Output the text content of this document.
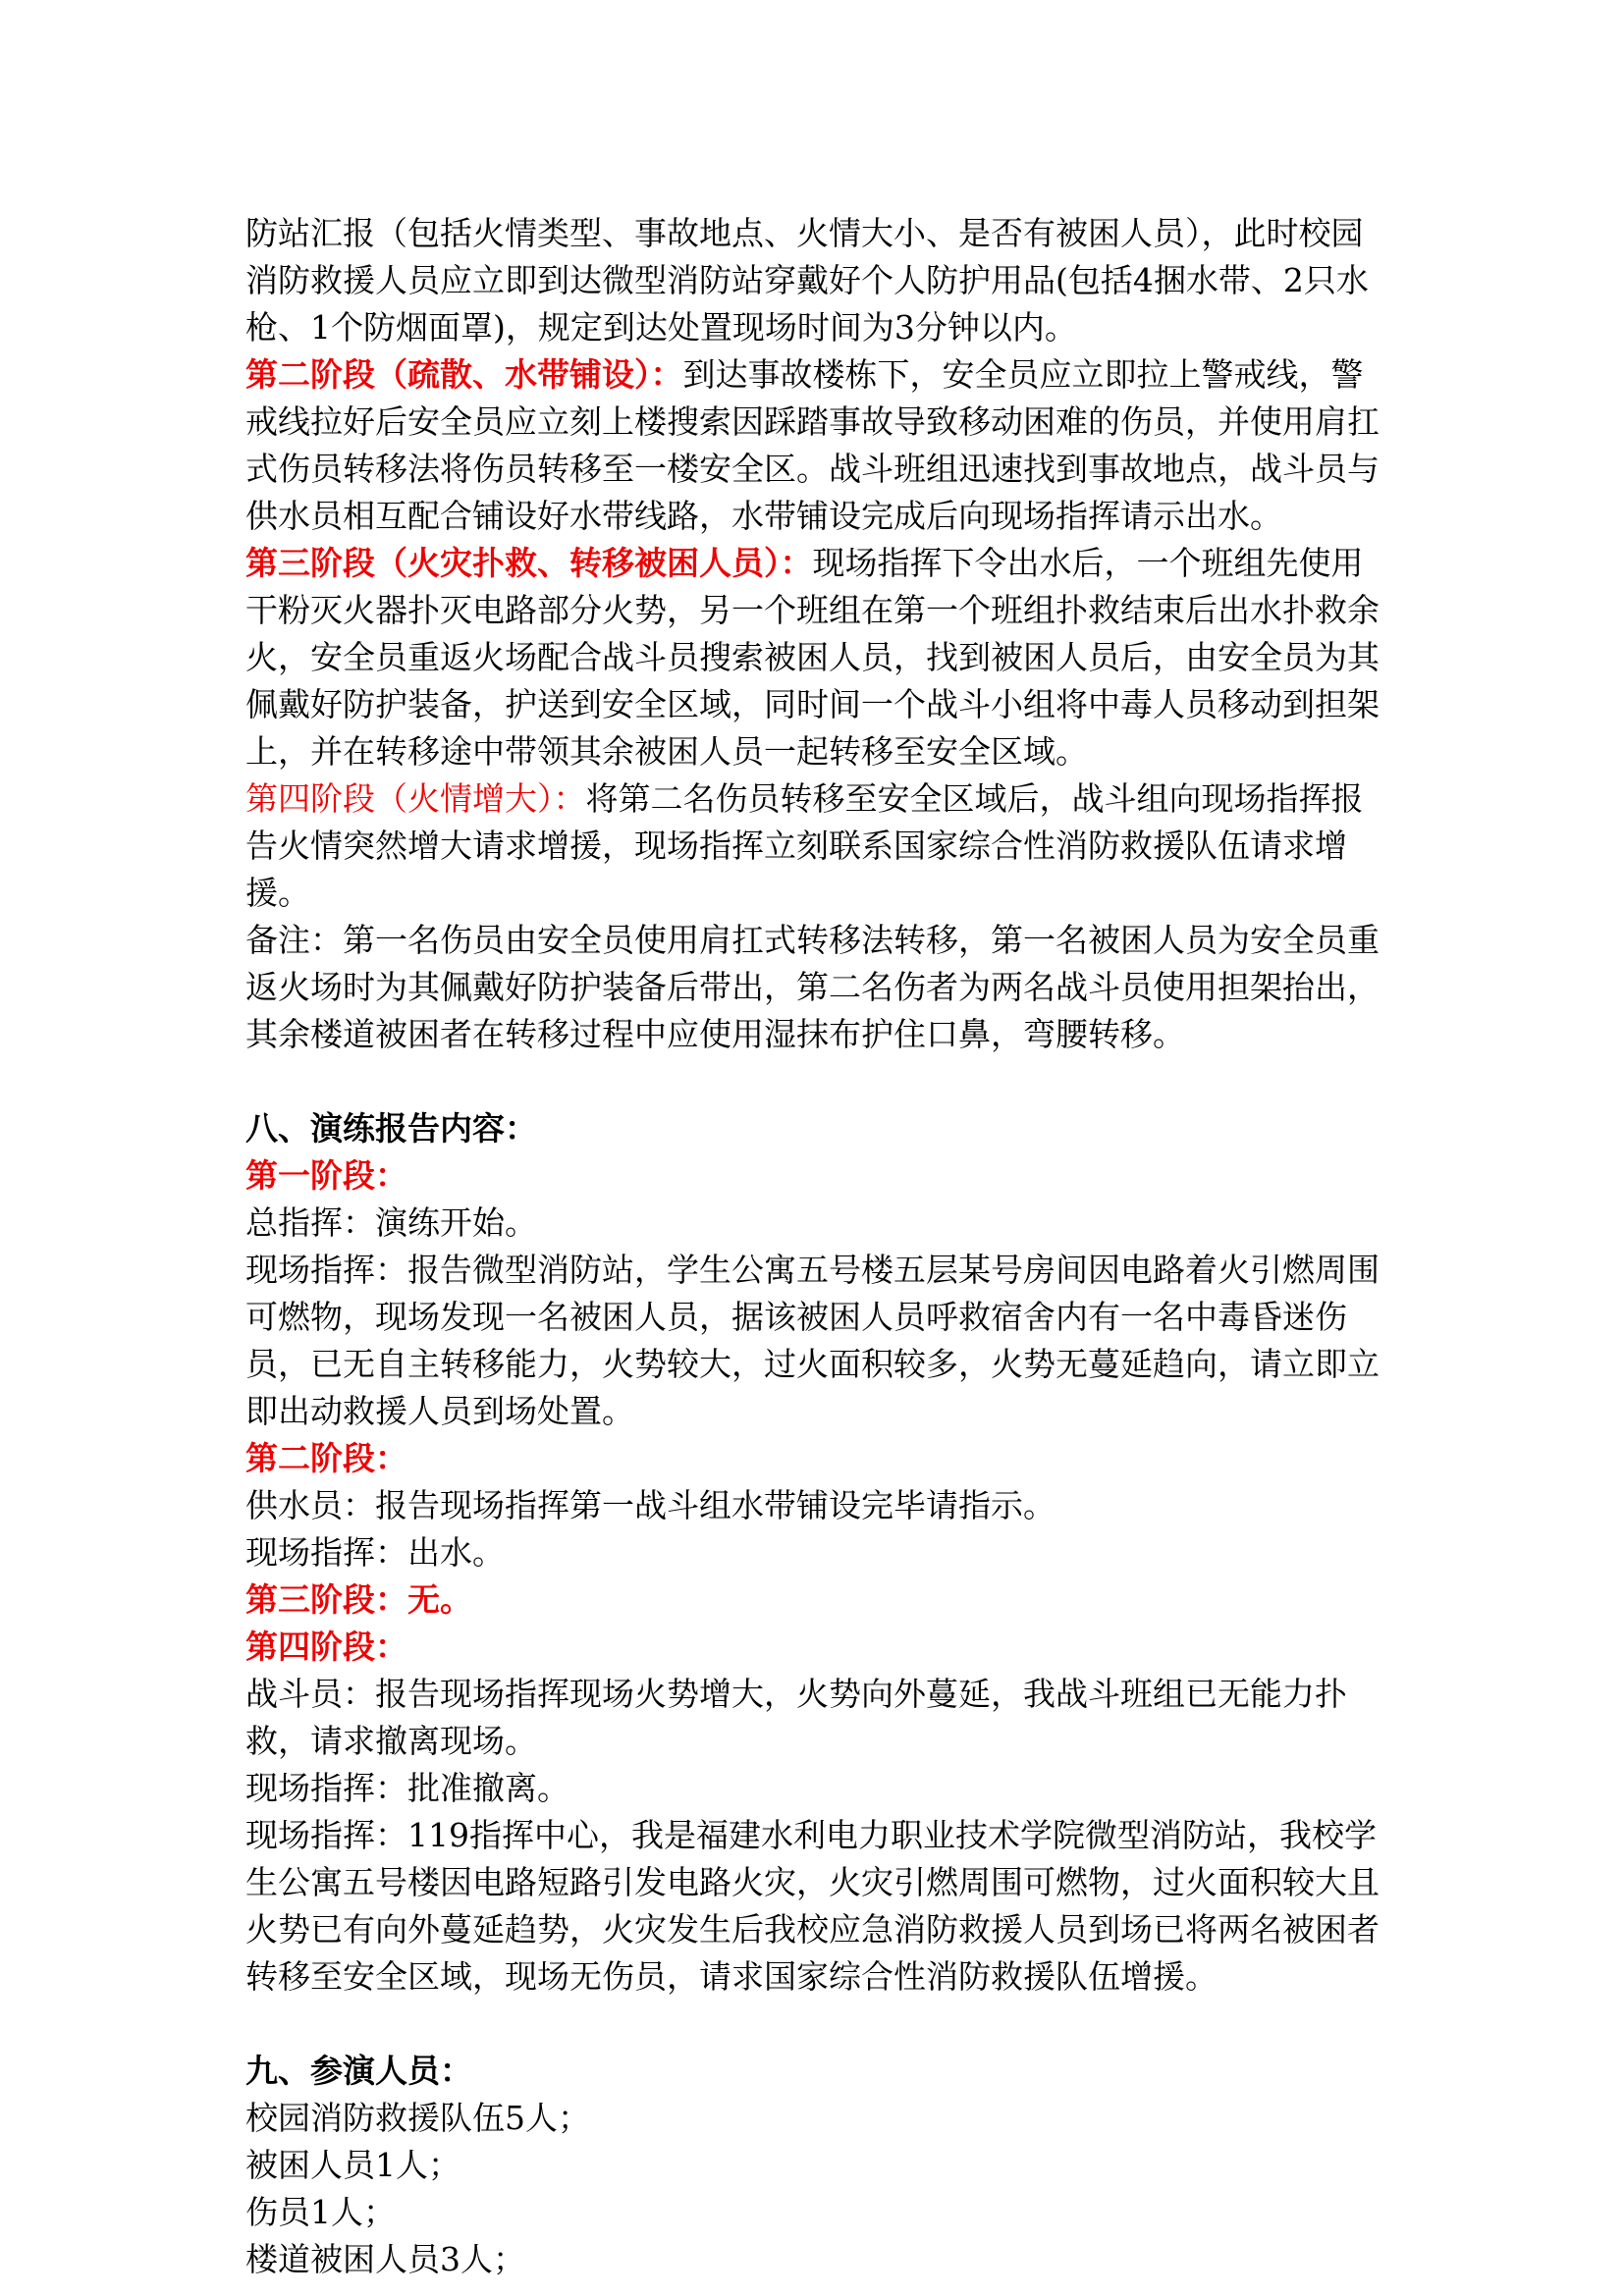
防站汇报（包括火情类型、事故地点、火情大小、是否有被困人员），此时校园消防救援人员应立即到达微型消防站穿戴好个人防护用品(包括4捆水带、2只水枪、1个防烟面罩)，规定到达处置现场时间为3分钟以内。

第二阶段（疏散、水带铺设）：到达事故楼栋下，安全员应立即拉上警戒线，警戒线拉好后安全员应立刻上楼搜索因踩踏事故导致移动困难的伤员，并使用肩扛式伤员转移法将伤员转移至一楼安全区。战斗班组迅速找到事故地点，战斗员与供水员相互配合铺设好水带线路，水带铺设完成后向现场指挥请示出水。

第三阶段（火灾扑救、转移被困人员）：现场指挥下令出水后，一个班组先使用干粉灭火器扑灭电路部分火势，另一个班组在第一个班组扑救结束后出水扑救余火，安全员重返火场配合战斗员搜索被困人员，找到被困人员后，由安全员为其佩戴好防护装备，护送到安全区域，同时间一个战斗小组将中毒人员移动到担架上，并在转移途中带领其余被困人员一起转移至安全区域。

第四阶段（火情增大）：将第二名伤员转移至安全区域后，战斗组向现场指挥报告火情突然增大请求增援，现场指挥立刻联系国家综合性消防救援队伍请求增援。

备注：第一名伤员由安全员使用肩扛式转移法转移，第一名被困人员为安全员重返火场时为其佩戴好防护装备后带出，第二名伤者为两名战斗员使用担架抬出，其余楼道被困者在转移过程中应使用湿抹布护住口鼻，弯腰转移。

八、演练报告内容：

第一阶段：

总指挥：演练开始。

现场指挥：报告微型消防站，学生公寓五号楼五层某号房间因电路着火引燃周围可燃物，现场发现一名被困人员，据该被困人员呼救宿舍内有一名中毒昏迷伤员，已无自主转移能力，火势较大，过火面积较多，火势无蔓延趋向，请立即立即出动救援人员到场处置。

第二阶段：

供水员：报告现场指挥第一战斗组水带铺设完毕请指示。

现场指挥：出水。

第三阶段：无。

第四阶段：

战斗员：报告现场指挥现场火势增大，火势向外蔓延，我战斗班组已无能力扑救，请求撤离现场。

现场指挥：批准撤离。

现场指挥：119指挥中心，我是福建水利电力职业技术学院微型消防站，我校学生公寓五号楼因电路短路引发电路火灾，火灾引燃周围可燃物，过火面积较大且火势已有向外蔓延趋势，火灾发生后我校应急消防救援人员到场已将两名被困者转移至安全区域，现场无伤员，请求国家综合性消防救援队伍增援。

九、参演人员：

校园消防救援队伍5人；

被困人员1人；

伤员1人；

楼道被困人员3人；
